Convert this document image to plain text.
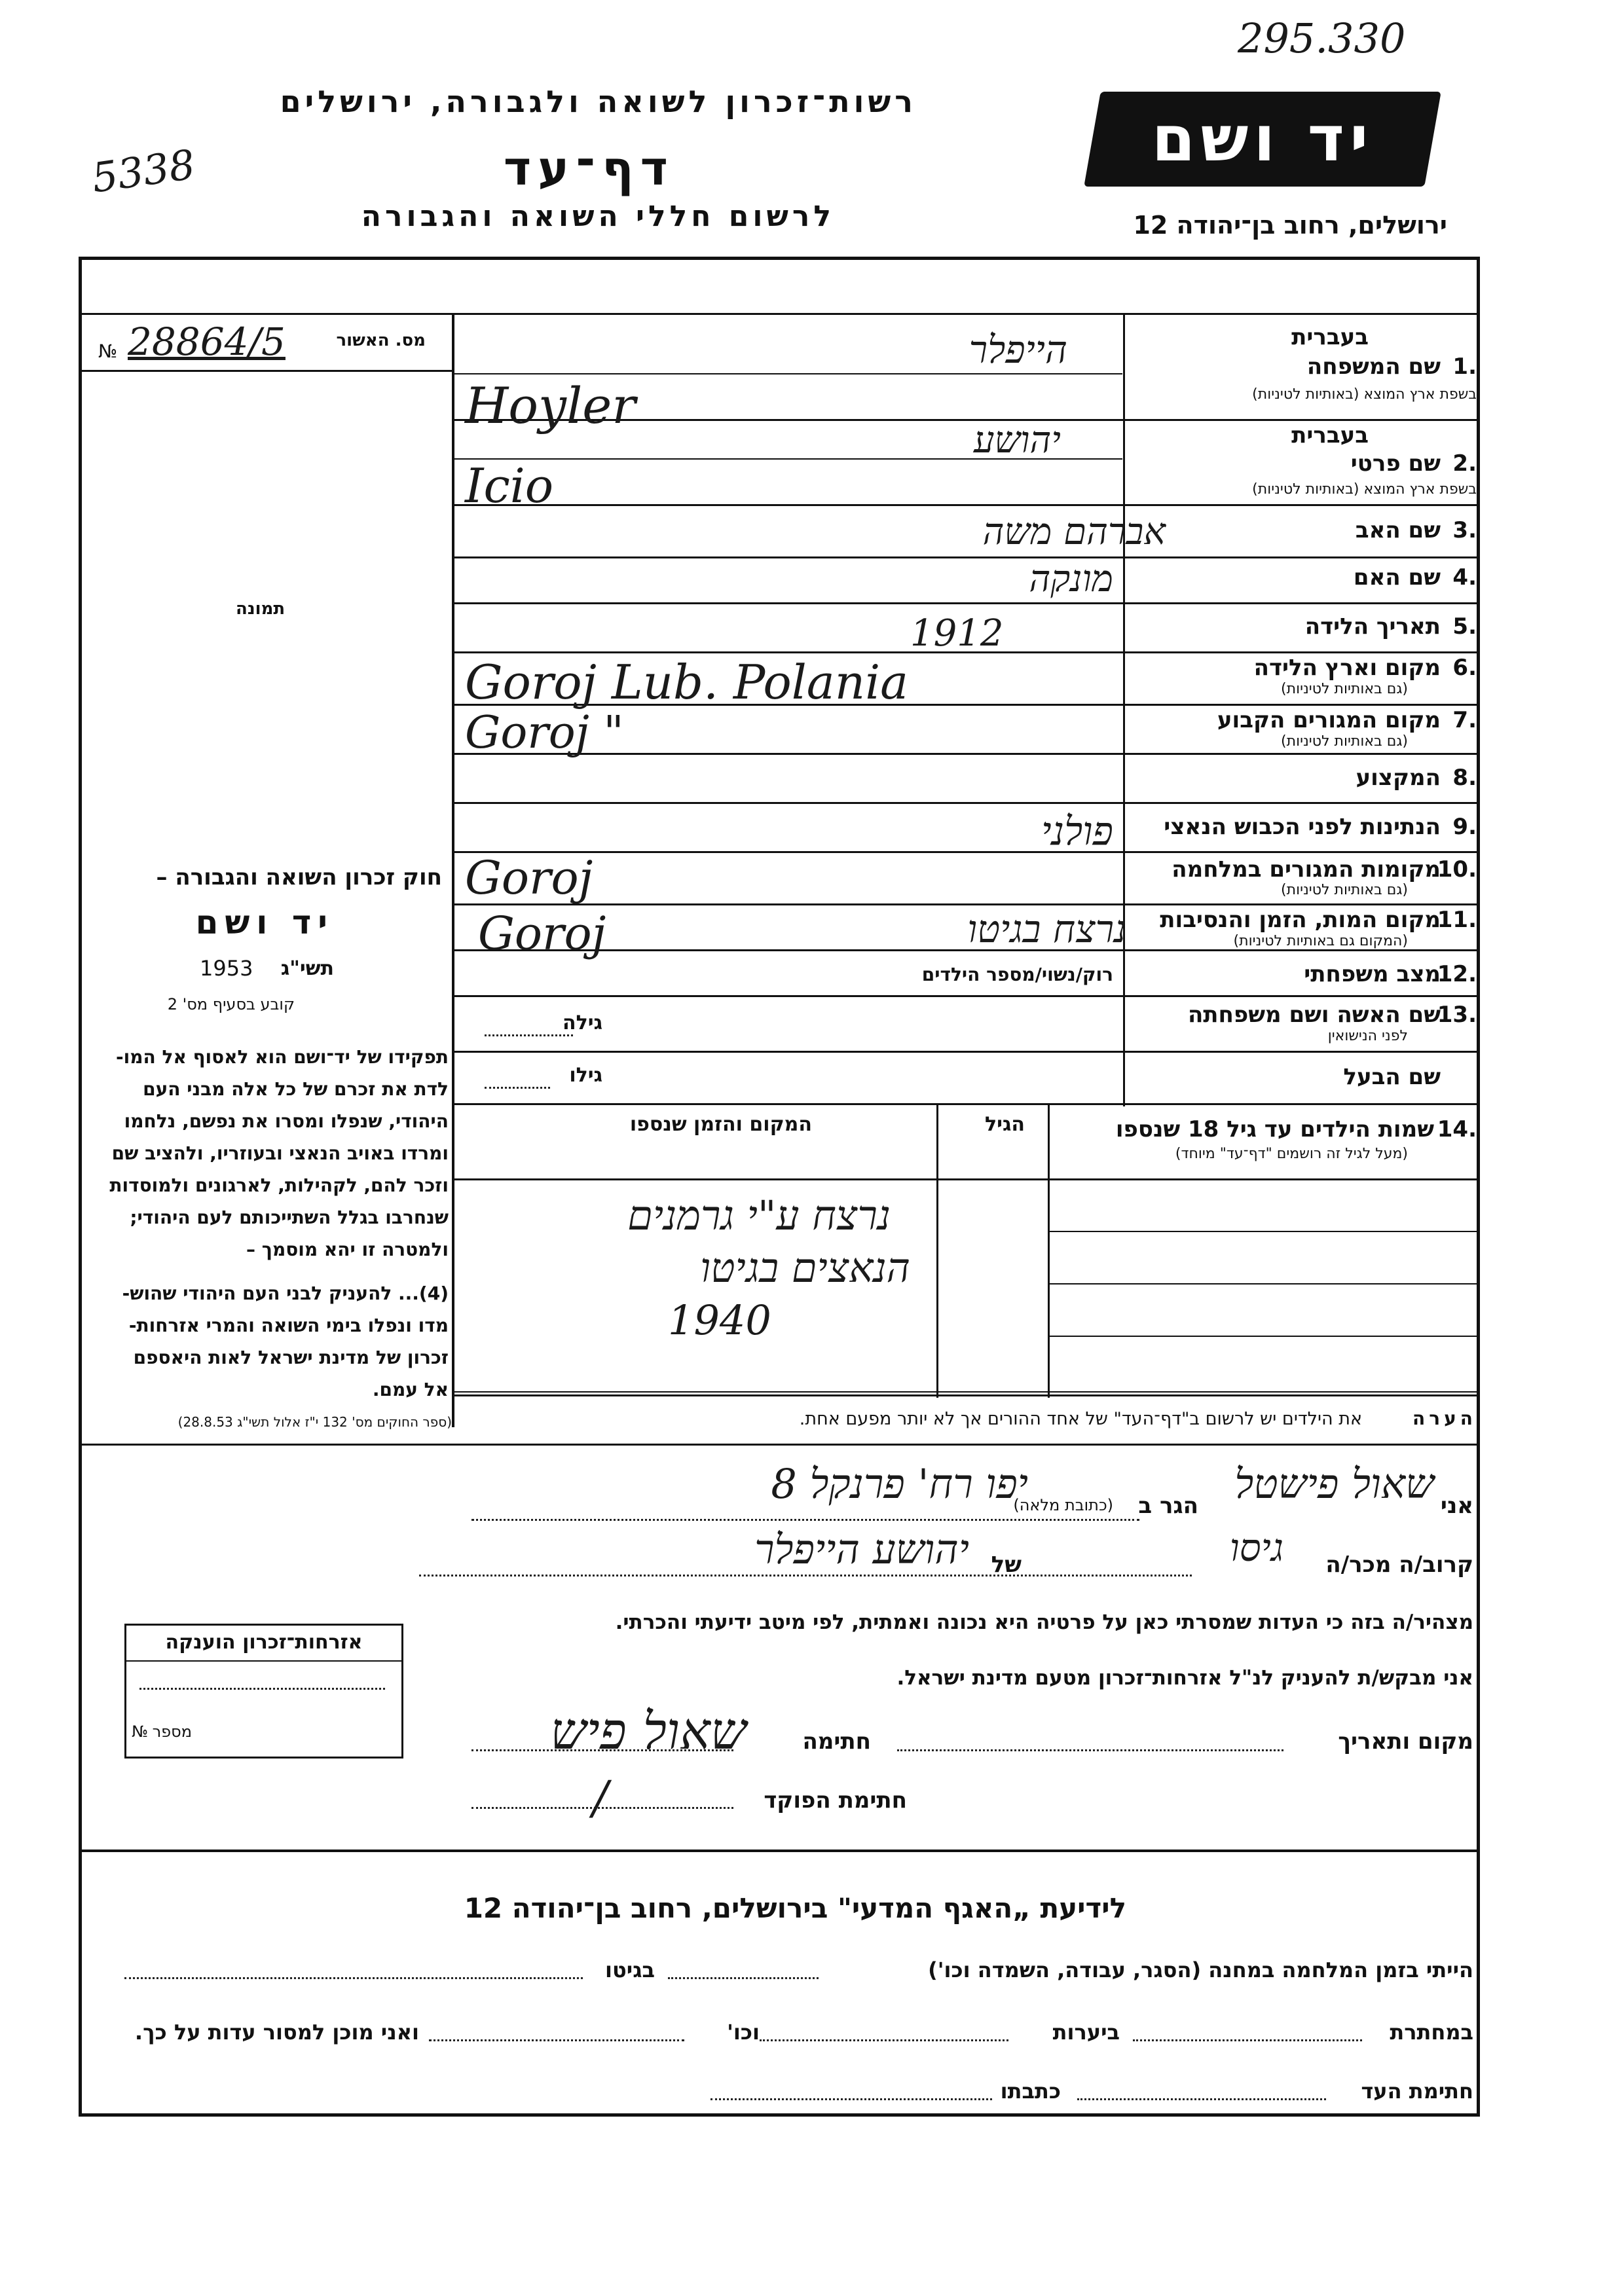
295.330
5338
רשות־זכרון לשואה ולגבורה, ירושלים
דף־עד
לרשום חללי השואה והגבורה
יד ושם
ירושלים, רחוב בן־יהודה 12
מס. האשור
№ 28864/5
תמונה
בעברית
1.
שם המשפחה
בשפת ארץ המוצא (באותיות לטיניות)
הייפלר
Hoyler
בעברית
2.
שם פרטי
בשפת ארץ המוצא (באותיות לטיניות)
יהושע
Icio
3.
שם האב
אברהם משה
4.
שם האם
מונקה
5.
תאריך הלידה
1912
6.
מקום וארץ הלידה
(גם באותיות לטיניות)
Goroj Lub. Polania
7.
מקום המגורים הקבוע
(גם באותיות לטיניות)
Goroj "
8.
המקצוע
9.
הנתינות לפני הכבוש הנאצי
פולני
10.
מקומות המגורים במלחמה
(גם באותיות לטיניות)
Goroj
11.
מקום המות, הזמן והנסיבות
(המקום גם באותיות לטיניות)
Goroj	נרצח בגיטו
12.
מצב משפחתי
רוק/נשוי/מספר הילדים
13.
שם האשה ושם משפחתה
לפני הנישואין
גילה
שם הבעל
גילו
14.
שמות הילדים עד גיל 18 שנספו
(מעל לגיל זה רושמים "דף־עד" מיוחד)
הגיל
המקום והזמן שנספו
נרצח ע"י גרמנים
הנאצים בגיטו
1940
הערה
את הילדים יש לרשום ב"דף־העד" של אחד ההורים אך לא יותר מפעם אחת.
חוק זכרון השואה והגבורה –
יד ושם
תשי"ג
1953
קובע בסעיף מס' 2
תפקידו של יד־ושם הוא לאסוף אל המו-
לדת את זכרם של כל אלה מבני העם
היהודי, שנפלו ומסרו את נפשם, נלחמו
ומרדו באויב הנאצי ובעוזריו, ולהציב שם
וזכר להם, לקהילות, לארגונים ולמוסדות
שנחרבו בגלל השתייכותם לעם היהודי;
ולמטרה זו יהא מוסמך –
(4)... להעניק לבני העם היהודי שהוש-
מדו ונפלו בימי השואה והמרי אזרחות-
זכרון של מדינת ישראל לאות היאספם
אל עמם.
(ספר החוקים מס' 132 י"ז אלול תשי"ג 28.8.53)
אני
שאול פישטל
הגר ב
(כתובת מלאה)
יפו רח' פרנקל 8
קרוב/ה מכר/ה
גיסו
של
יהושע הייפלר
מצהיר/ה בזה כי העדות שמסרתי כאן על פרטיה היא נכונה ואמתית, לפי מיטב ידיעתי והכרתי.
אני מבקש/ת להעניק לנ"ל אזרחות־זכרון מטעם מדינת ישראל.
מקום ותאריך
חתימה
שאול פיש
חתימת הפוקד
/
אזרחות־זכרון הוענקה
מספר
№
לידיעת „האגף המדעי" בירושלים, רחוב בן־יהודה 12
הייתי בזמן המלחמה במחנה (הסגר, עבודה, השמדה וכו')
בגיטו
במחתרת
ביערות
וכו'
ואני מוכן למסור עדות על כך.
חתימת העד
כתבתו
